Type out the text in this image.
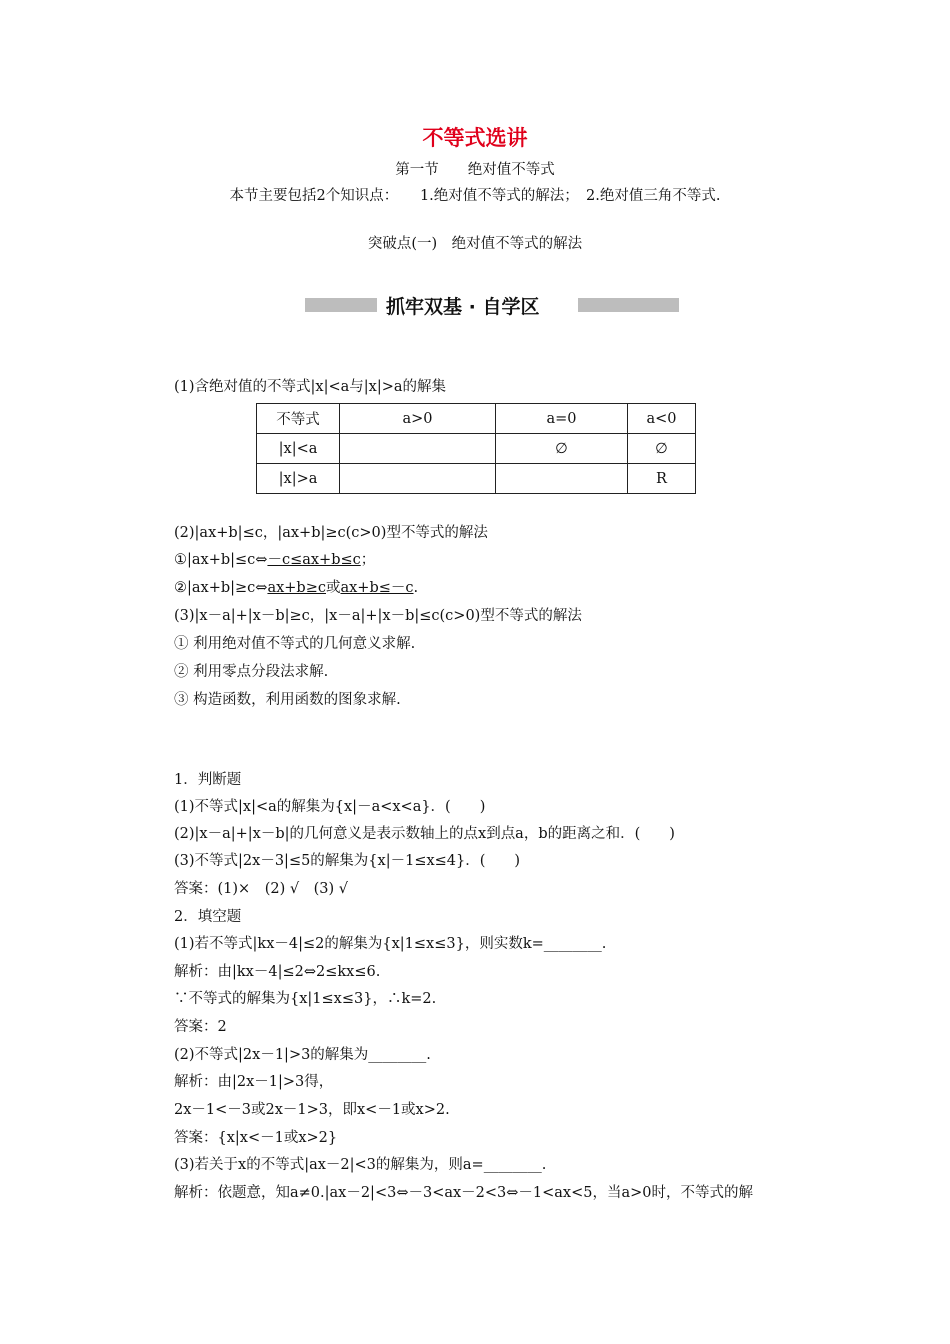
不等式选讲
第一节　　绝对值不等式
本节主要包括2个知识点：　　1.绝对值不等式的解法；　2.绝对值三角不等式.
突破点(一)　绝对值不等式的解法
抓牢双基 · 自学区
(1)含绝对值的不等式|x|<a与|x|>a的解集
不等式	a>0	a=0	a<0
|x|<a		∅	∅
|x|>a			R
(2)|ax+b|≤c，|ax+b|≥c(c>0)型不等式的解法
①|ax+b|≤c⇔－c≤ax+b≤c；
②|ax+b|≥c⇔ax+b≥c或ax+b≤－c.
(3)|x－a|+|x－b|≥c，|x－a|+|x－b|≤c(c>0)型不等式的解法
① 利用绝对值不等式的几何意义求解.
② 利用零点分段法求解.
③ 构造函数，利用函数的图象求解.
1．判断题
(1)不等式|x|<a的解集为{x|－a<x<a}．(　　)
(2)|x－a|+|x－b|的几何意义是表示数轴上的点x到点a，b的距离之和．(　　)
(3)不等式|2x－3|≤5的解集为{x|－1≤x≤4}．(　　)
答案：(1)×　(2) √　(3) √
2．填空题
(1)若不等式|kx－4|≤2的解集为{x|1≤x≤3}，则实数k=________.
解析：由|kx－4|≤2⇔2≤kx≤6.
∵不等式的解集为{x|1≤x≤3}，∴k=2.
答案：2
(2)不等式|2x－1|>3的解集为________.
解析：由|2x－1|>3得，
2x－1<－3或2x－1>3，即x<－1或x>2.
答案：{x|x<－1或x>2}
(3)若关于x的不等式|ax－2|<3的解集为，则a=________.
解析：依题意，知a≠0.|ax－2|<3⇔－3<ax－2<3⇔－1<ax<5，当a>0时，不等式的解
